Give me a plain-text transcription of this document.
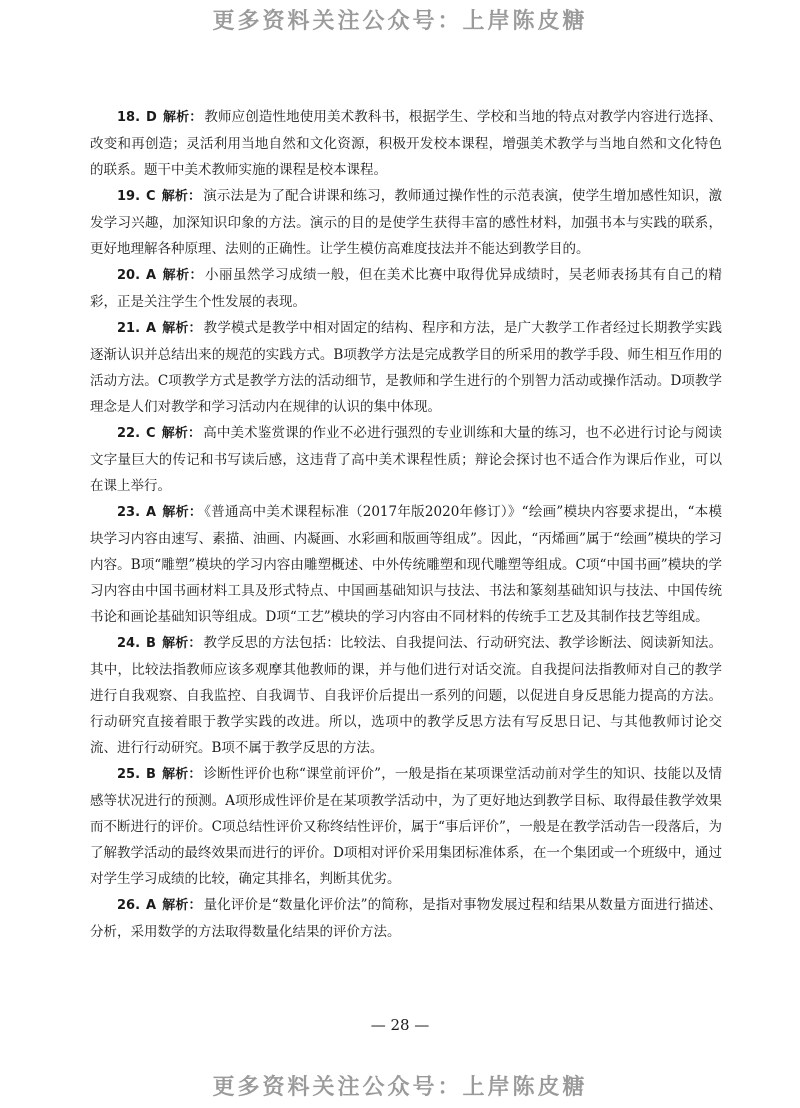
更多资料关注公众号：上岸陈皮糖

18. D 解析： 教师应创造性地使用美术教科书，根据学生、学校和当地的特点对教学内容进行选择、改变和再创造；灵活利用当地自然和文化资源，积极开发校本课程，增强美术教学与当地自然和文化特色的联系。题干中美术教师实施的课程是校本课程。

19. C 解析： 演示法是为了配合讲课和练习，教师通过操作性的示范表演，使学生增加感性知识，激发学习兴趣，加深知识印象的方法。演示的目的是使学生获得丰富的感性材料，加强书本与实践的联系，更好地理解各种原理、法则的正确性。让学生模仿高难度技法并不能达到教学目的。

20. A 解析： 小丽虽然学习成绩一般，但在美术比赛中取得优异成绩时，吴老师表扬其有自己的精彩，正是关注学生个性发展的表现。

21. A 解析： 教学模式是教学中相对固定的结构、程序和方法，是广大教学工作者经过长期教学实践逐渐认识并总结出来的规范的实践方式。B项教学方法是完成教学目的所采用的教学手段、师生相互作用的活动方法。C项教学方式是教学方法的活动细节，是教师和学生进行的个别智力活动或操作活动。D项教学理念是人们对教学和学习活动内在规律的认识的集中体现。

22. C 解析： 高中美术鉴赏课的作业不必进行强烈的专业训练和大量的练习，也不必进行讨论与阅读文字量巨大的传记和书写读后感，这违背了高中美术课程性质；辩论会探讨也不适合作为课后作业，可以在课上举行。

23. A 解析： 《普通高中美术课程标准（2017年版2020年修订）》“绘画”模块内容要求提出，“本模块学习内容由速写、素描、油画、内凝画、水彩画和版画等组成”。因此，“丙烯画”属于“绘画”模块的学习内容。B项“雕塑”模块的学习内容由雕塑概述、中外传统雕塑和现代雕塑等组成。C项“中国书画”模块的学习内容由中国书画材料工具及形式特点、中国画基础知识与技法、书法和篆刻基础知识与技法、中国传统书论和画论基础知识等组成。D项“工艺”模块的学习内容由不同材料的传统手工艺及其制作技艺等组成。

24. B 解析： 教学反思的方法包括：比较法、自我提问法、行动研究法、教学诊断法、阅读新知法。其中，比较法指教师应该多观摩其他教师的课，并与他们进行对话交流。自我提问法指教师对自己的教学进行自我观察、自我监控、自我调节、自我评价后提出一系列的问题，以促进自身反思能力提高的方法。行动研究直接着眼于教学实践的改进。所以，选项中的教学反思方法有写反思日记、与其他教师讨论交流、进行行动研究。B项不属于教学反思的方法。

25. B 解析： 诊断性评价也称“课堂前评价”，一般是指在某项课堂活动前对学生的知识、技能以及情感等状况进行的预测。A项形成性评价是在某项教学活动中，为了更好地达到教学目标、取得最佳教学效果而不断进行的评价。C项总结性评价又称终结性评价，属于“事后评价”，一般是在教学活动告一段落后，为了解教学活动的最终效果而进行的评价。D项相对评价采用集团标准体系，在一个集团或一个班级中，通过对学生学习成绩的比较，确定其排名，判断其优劣。

26. A 解析： 量化评价是“数量化评价法”的简称，是指对事物发展过程和结果从数量方面进行描述、分析，采用数学的方法取得数量化结果的评价方法。

— 28 —
更多资料关注公众号：上岸陈皮糖
